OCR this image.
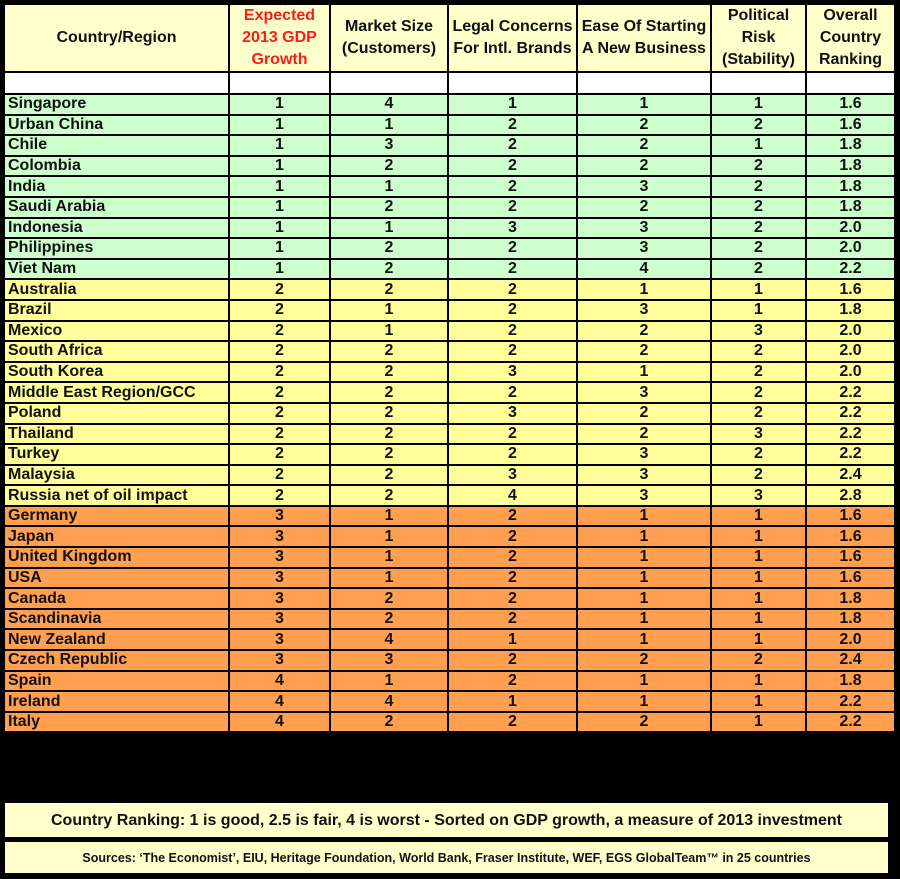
Country/Region	Expected 2013 GDP Growth	Market Size (Customers)	Legal Concerns For Intl. Brands	Ease Of Starting A New Business	Political Risk (Stability)	Overall Country Ranking

Singapore	1	4	1	1	1	1.6
Urban China	1	1	2	2	2	1.6
Chile	1	3	2	2	1	1.8
Colombia	1	2	2	2	2	1.8
India	1	1	2	3	2	1.8
Saudi Arabia	1	2	2	2	2	1.8
Indonesia	1	1	3	3	2	2.0
Philippines	1	2	2	3	2	2.0
Viet Nam	1	2	2	4	2	2.2
Australia	2	2	2	1	1	1.6
Brazil	2	1	2	3	1	1.8
Mexico	2	1	2	2	3	2.0
South Africa	2	2	2	2	2	2.0
South Korea	2	2	3	1	2	2.0
Middle East Region/GCC	2	2	2	3	2	2.2
Poland	2	2	3	2	2	2.2
Thailand	2	2	2	2	3	2.2
Turkey	2	2	2	3	2	2.2
Malaysia	2	2	3	3	2	2.4
Russia net of oil impact	2	2	4	3	3	2.8
Germany	3	1	2	1	1	1.6
Japan	3	1	2	1	1	1.6
United Kingdom	3	1	2	1	1	1.6
USA	3	1	2	1	1	1.6
Canada	3	2	2	1	1	1.8
Scandinavia	3	2	2	1	1	1.8
New Zealand	3	4	1	1	1	2.0
Czech Republic	3	3	2	2	2	2.4
Spain	4	1	2	1	1	1.8
Ireland	4	4	1	1	1	2.2
Italy	4	2	2	2	1	2.2
Country Ranking: 1 is good, 2.5 is fair, 4 is worst - Sorted on GDP growth, a measure of 2013 investment
Sources: ‘The Economist’, EIU, Heritage Foundation, World Bank, Fraser Institute, WEF, EGS GlobalTeam™ in 25 countries
